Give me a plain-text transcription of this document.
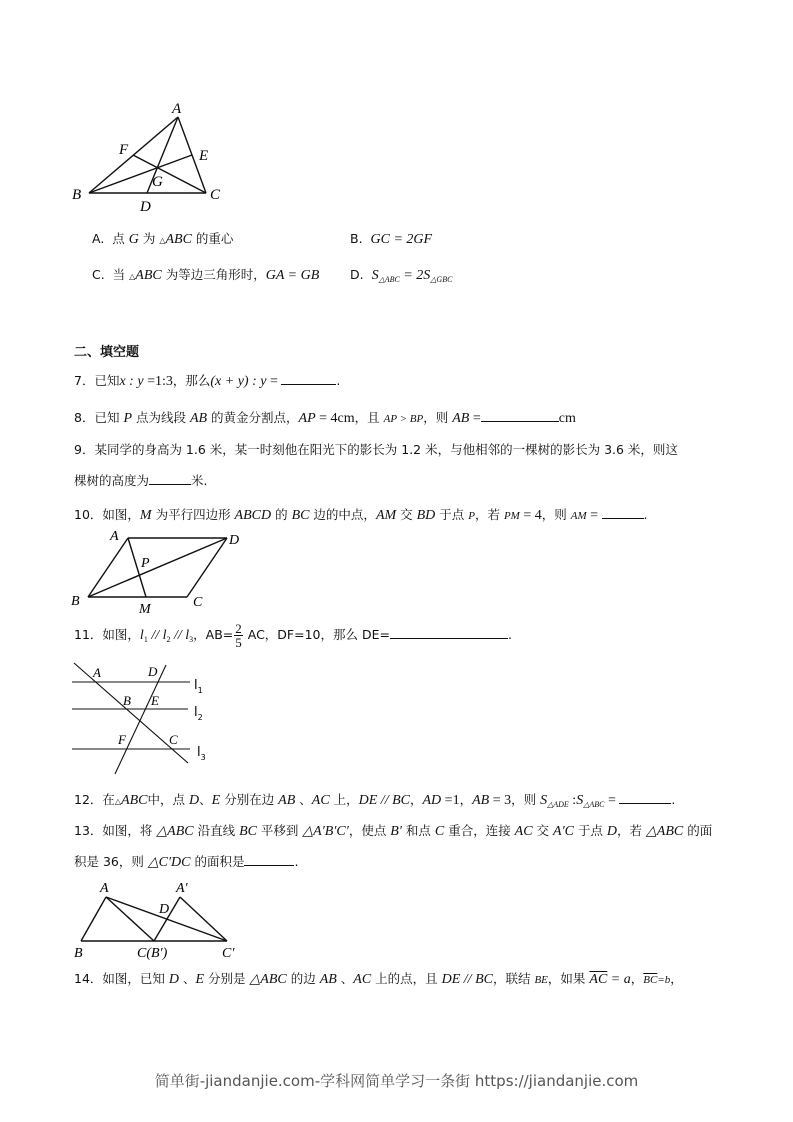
A
F	E
G
B	C
D
A. 点 G 为 △ABC 的重心	B. GC = 2GF
C. 当 △ABC 为等边三角形时，GA = GB D. $S_{\triangle ABC} = 2S_{\triangle GBC}$
二、填空题
7．已知x : y =1:3，那么(x + y) : y =	.
8．已知 P 点为线段 AB 的黄金分割点，AP = 4cm，且 AP > BP，则 AB =	cm
9．某同学的身高为 1.6 米，某一时刻他在阳光下的影长为 1.2 米，与他相邻的一棵树的影长为 3.6 米，则这
棵树的高度为	米.
10．如图，M 为平行四边形 ABCD 的 BC 边的中点，AM 交 BD 于点 P，若 PM = 4，则 AM =	.
A	D
P
B
M	C
11．如图，$l_1 // l_2 // l_3$，$AB= \frac{2}{5}$ AC，DF=10，那么 DE=	.
A	D
B E
F	C
$l_1$
$l_2$
$l_3$
12．在△ABC中，点 D、E 分别在边 AB 、AC 上，DE // BC，AD =1，AB = 3，则 $S_{\triangle ADE}$ $:S_{\triangle ABC}$ =	.
13．如图，将 △ABC 沿直线 BC 平移到 △A′B′C′，使点 B′ 和点 C 重合，连接 AC 交 A′C 于点 D，若 △ABC 的面
积是 36，则 △C′DC 的面积是	.
A	A′
D
B	C(B′)	C′
14．如图，已知 D 、E 分别是 △ABC 的边 AB 、AC 上的点，且 DE // BC，联结 BE，如果 $\overline{AC} = a$，$\overline{BC}=b$，
简单街-jiandanjie.com-学科网简单学习一条街 https://jiandanjie.com
